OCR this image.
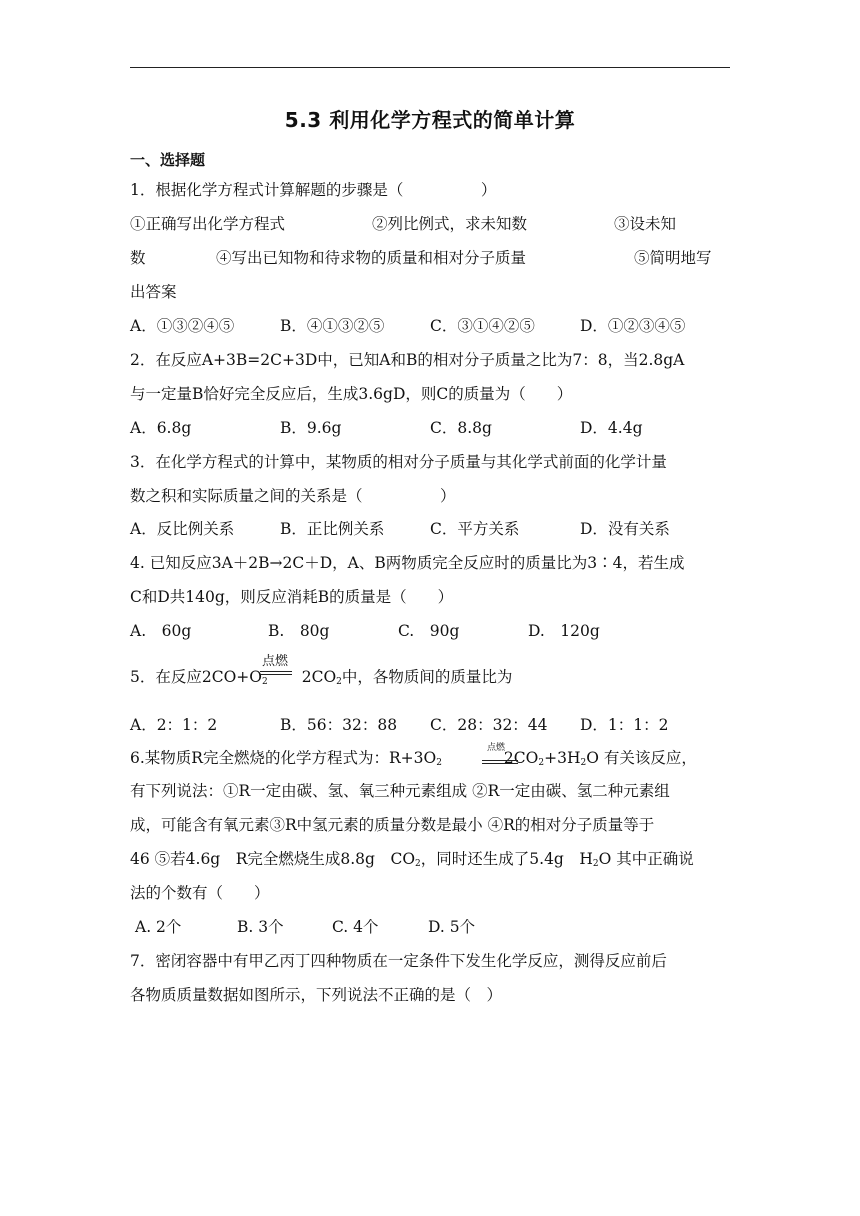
5.3 利用化学方程式的简单计算
一、选择题
1．根据化学方程式计算解题的步骤是（　　　　　）
①正确写出化学方程式	②列比例式，求未知数	③设未知
数	④写出已知物和待求物的质量和相对分子质量	⑤简明地写
出答案
A．①③②④⑤	B．④①③②⑤	C．③①④②⑤	D．①②③④⑤
2．在反应A+3B=2C+3D中，已知A和B的相对分子质量之比为7：8，当2.8gA
与一定量B恰好完全反应后，生成3.6gD，则C的质量为（　　）
A．6.8g	B．9.6g	C．8.8g	D．4.4g
3．在化学方程式的计算中，某物质的相对分子质量与其化学式前面的化学计量
数之积和实际质量之间的关系是（　　　　　）
A．反比例关系	B．正比例关系	C．平方关系	D．没有关系
4. 已知反应3A＋2B→2C＋D，A、B两物质完全反应时的质量比为3∶4，若生成
C和D共140g，则反应消耗B的质量是（　　）
A.　60g	B.　80g	C.　90g	D.　120g
5．在反应$2CO+O_2$ $2CO_2$中，各物质间的质量比为
点燃
A．2：1：2	B．56：32：88 C．28：32：44 D．1：1：2
6.某物质R完全燃烧的化学方程式为：$R+3O_2$	$2CO_2+3H_2O$ 有关该反应，
点燃
有下列说法：①R一定由碳、氢、氧三种元素组成 ②R一定由碳、氢二种元素组
成，可能含有氧元素③R中氢元素的质量分数是最小 ④R的相对分子质量等于
46 ⑤若4.6g　R完全燃烧生成8.8g　$CO_2$，同时还生成了5.4g　$H_2O$ 其中正确说
法的个数有（　　）
A. 2个	B. 3个	C. 4个	D. 5个
7．密闭容器中有甲乙丙丁四种物质在一定条件下发生化学反应，测得反应前后
各物质质量数据如图所示，下列说法不正确的是（　）
